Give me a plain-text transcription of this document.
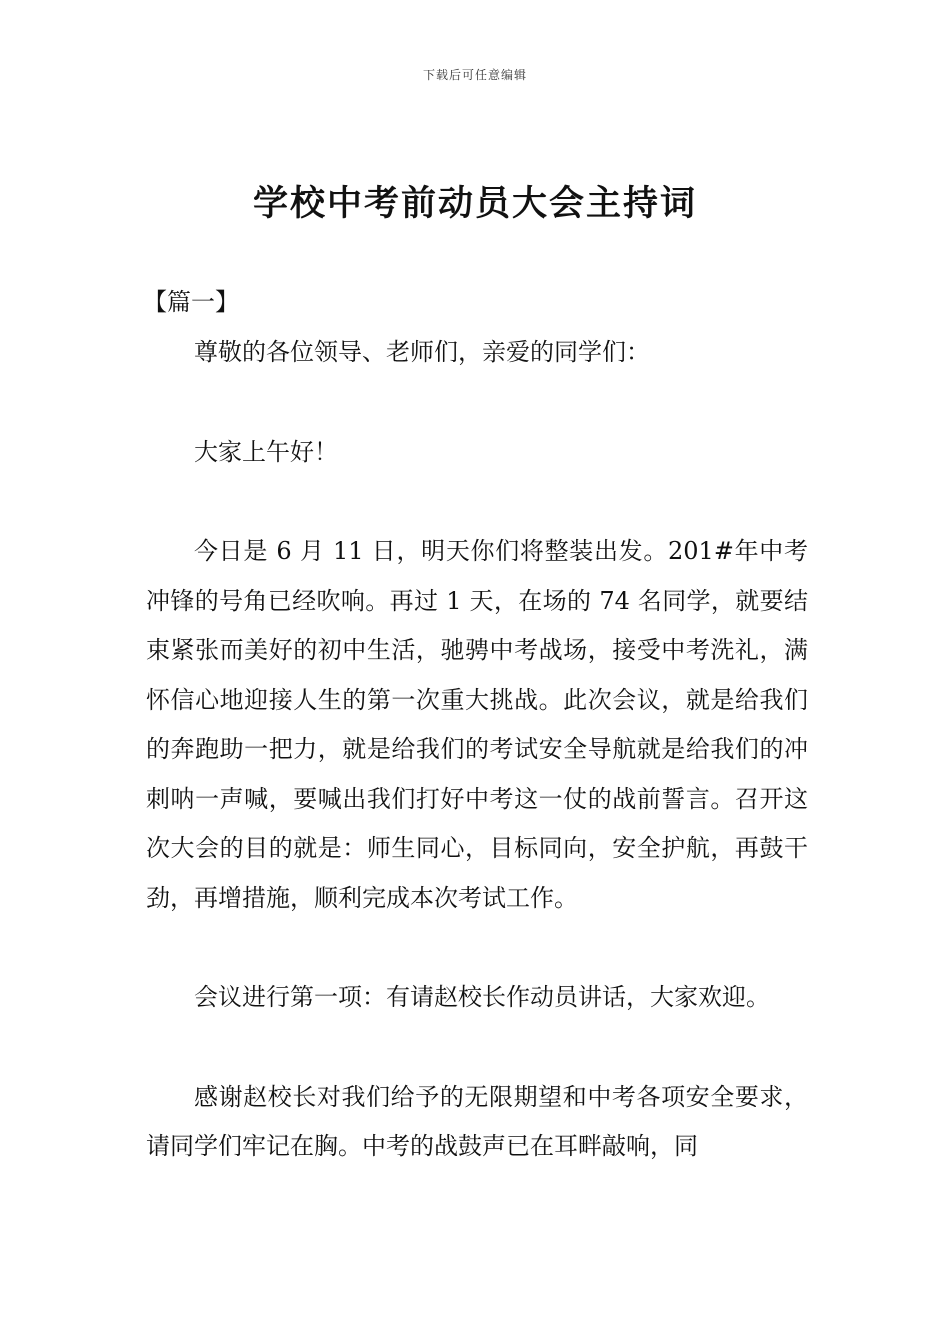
下载后可任意编辑
学校中考前动员大会主持词
【篇一】

尊敬的各位领导、老师们，亲爱的同学们：

大家上午好！

今日是 6 月 11 日，明天你们将整装出发。201#年中考冲锋的号角已经吹响。再过 1 天，在场的 74 名同学，就要结束紧张而美好的初中生活，驰骋中考战场，接受中考洗礼，满怀信心地迎接人生的第一次重大挑战。此次会议，就是给我们的奔跑助一把力，就是给我们的考试安全导航就是给我们的冲刺呐一声喊，要喊出我们打好中考这一仗的战前誓言。召开这次大会的目的就是：师生同心，目标同向，安全护航，再鼓干劲，再增措施，顺利完成本次考试工作。

会议进行第一项：有请赵校长作动员讲话，大家欢迎。

感谢赵校长对我们给予的无限期望和中考各项安全要求，请同学们牢记在胸。中考的战鼓声已在耳畔敲响，同
